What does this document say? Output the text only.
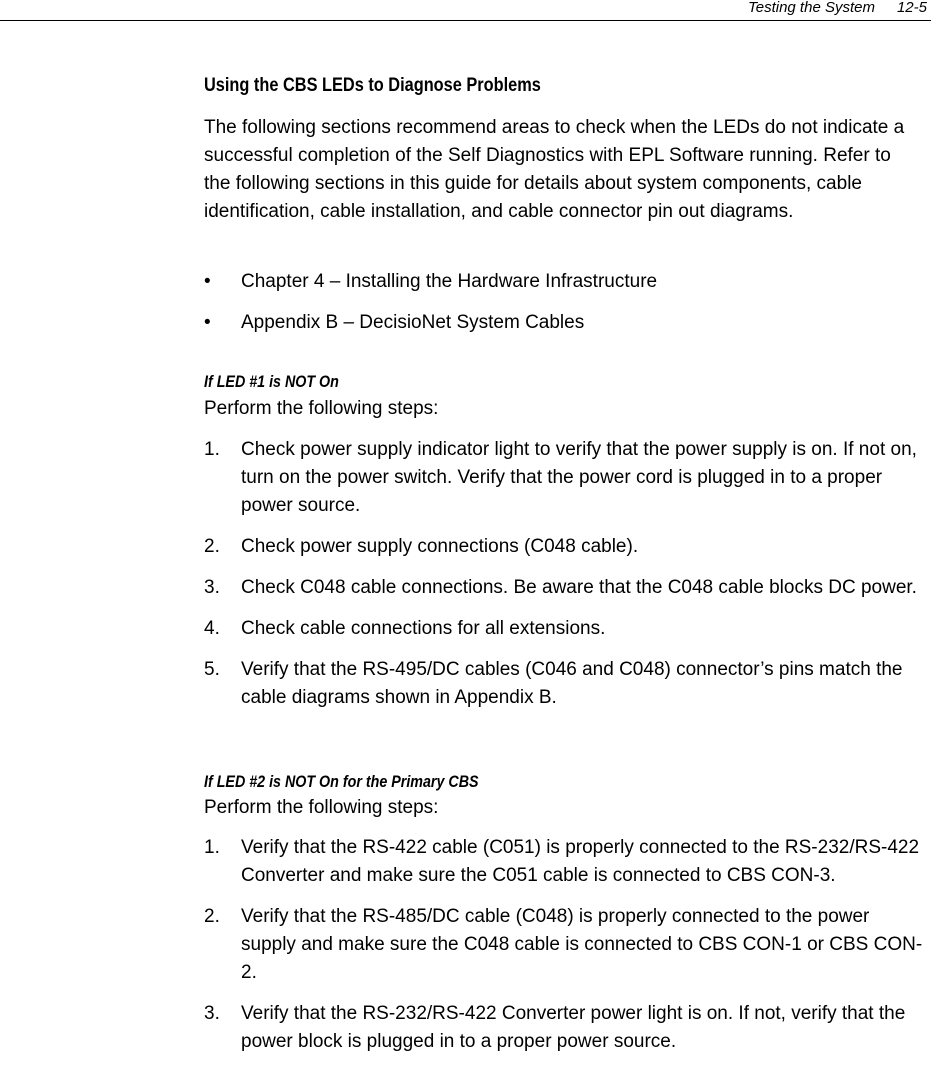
Testing the System 12-5
Using the CBS LEDs to Diagnose Problems

The following sections recommend areas to check when the LEDs do not indicate a successful completion of the Self Diagnostics with EPL Software running. Refer to the following sections in this guide for details about system components, cable identification, cable installation, and cable connector pin out diagrams.

• Chapter 4 – Installing the Hardware Infrastructure
• Appendix B – DecisioNet System Cables
If LED #1 is NOT On

Perform the following steps:

1. Check power supply indicator light to verify that the power supply is on. If not on, turn on the power switch. Verify that the power cord is plugged in to a proper power source.
2. Check power supply connections (C048 cable).
3. Check C048 cable connections. Be aware that the C048 cable blocks DC power.
4. Check cable connections for all extensions.
5. Verify that the RS-495/DC cables (C046 and C048) connector’s pins match the cable diagrams shown in Appendix B.
If LED #2 is NOT On for the Primary CBS

Perform the following steps:

1. Verify that the RS-422 cable (C051) is properly connected to the RS-232/RS-422 Converter and make sure the C051 cable is connected to CBS CON-3.
2. Verify that the RS-485/DC cable (C048) is properly connected to the power supply and make sure the C048 cable is connected to CBS CON-1 or CBS CON-2.
3. Verify that the RS-232/RS-422 Converter power light is on. If not, verify that the power block is plugged in to a proper power source.
